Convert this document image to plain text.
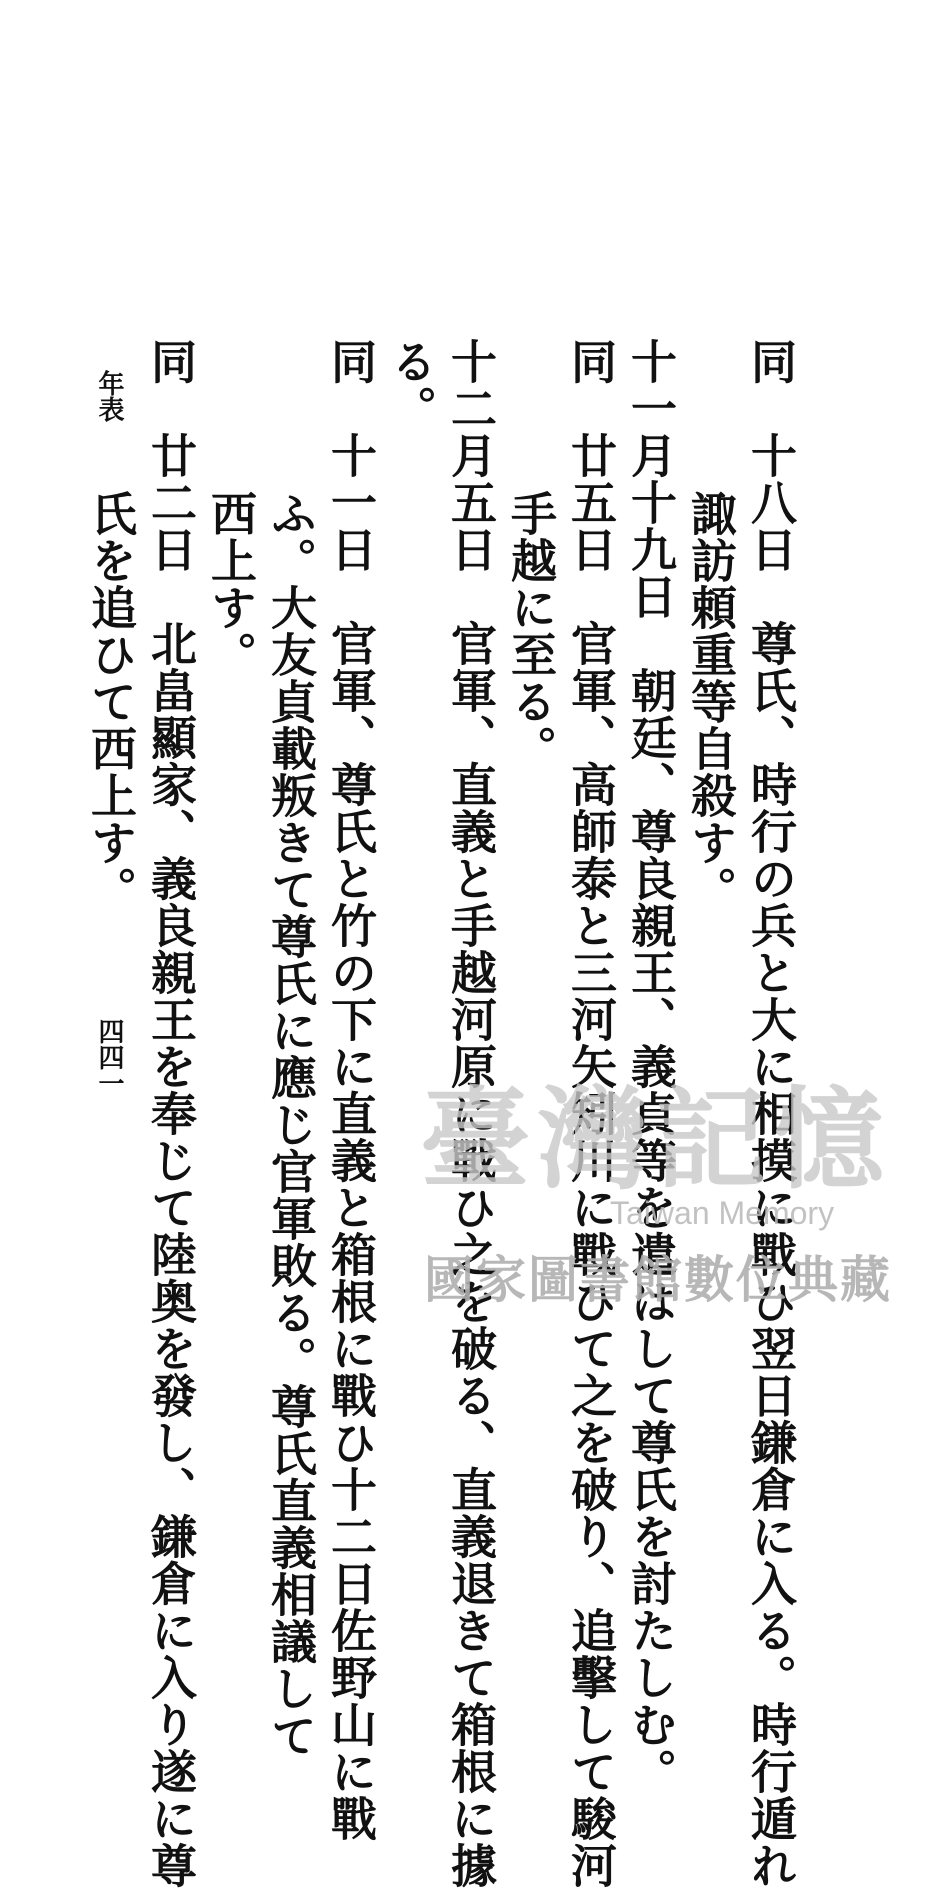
同　十八日　尊氏、時行の兵と大に相摸に戰ひ翌日鎌倉に入る。時行遁れ
諏訪頼重等自殺す。
十一月十九日　朝廷、尊良親王、義貞等を遣はして尊氏を討たしむ。
同　廿五日　官軍、高師泰と三河矢矧川に戰ひて之を破り、追擊して駿河
手越に至る。
十二月五日　官軍、直義と手越河原に戰ひ之を破る、直義退きて箱根に據
る。
同　十一日　官軍、尊氏と竹の下に直義と箱根に戰ひ十二日佐野山に戰
ふ。大友貞載叛きて尊氏に應じ官軍敗る。尊氏直義相議して
西上す。
同　廿二日　北畠顯家、義良親王を奉じて陸奥を發し、鎌倉に入り遂に尊
氏を追ひて西上す。
年表
四四一
臺灣記憶
Taiwan Memory
國家圖書館數位典藏
